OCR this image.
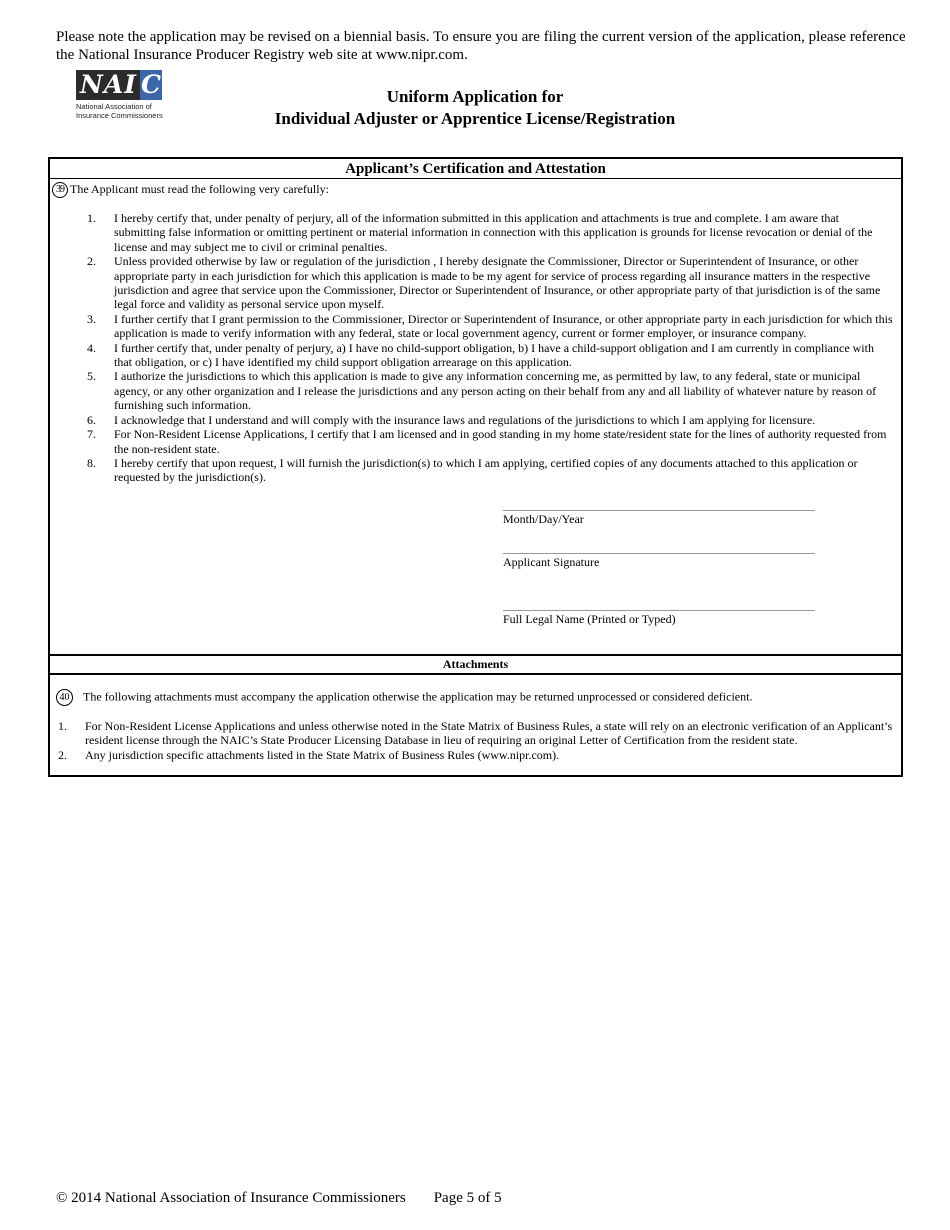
Please note the application may be revised on a biennial basis. To ensure you are filing the current version of the application, please reference the National Insurance Producer Registry web site at www.nipr.com.
NAI C
National Association of
Insurance Commissioners
Uniform Application for
Individual Adjuster or Apprentice License/Registration
Applicant’s Certification and Attestation
39 The Applicant must read the following very carefully:
1. I hereby certify that, under penalty of perjury, all of the information submitted in this application and attachments is true and complete. I am aware that submitting false information or omitting pertinent or material information in connection with this application is grounds for license revocation or denial of the license and may subject me to civil or criminal penalties.
2. Unless provided otherwise by law or regulation of the jurisdiction , I hereby designate the Commissioner, Director or Superintendent of Insurance, or other appropriate party in each jurisdiction for which this application is made to be my agent for service of process regarding all insurance matters in the respective jurisdiction and agree that service upon the Commissioner, Director or Superintendent of Insurance, or other appropriate party of that jurisdiction is of the same legal force and validity as personal service upon myself.
3. I further certify that I grant permission to the Commissioner, Director or Superintendent of Insurance, or other appropriate party in each jurisdiction for which this application is made to verify information with any federal, state or local government agency, current or former employer, or insurance company.
4. I further certify that, under penalty of perjury, a) I have no child-support obligation, b) I have a child-support obligation and I am currently in compliance with that obligation, or c) I have identified my child support obligation arrearage on this application.
5. I authorize the jurisdictions to which this application is made to give any information concerning me, as permitted by law, to any federal, state or municipal agency, or any other organization and I release the jurisdictions and any person acting on their behalf from any and all liability of whatever nature by reason of furnishing such information.
6. I acknowledge that I understand and will comply with the insurance laws and regulations of the jurisdictions to which I am applying for licensure.
7. For Non-Resident License Applications, I certify that I am licensed and in good standing in my home state/resident state for the lines of authority requested from the non-resident state.
8. I hereby certify that upon request, I will furnish the jurisdiction(s) to which I am applying, certified copies of any documents attached to this application or requested by the jurisdiction(s).
Month/Day/Year
Applicant Signature
Full Legal Name (Printed or Typed)
Attachments
40 The following attachments must accompany the application otherwise the application may be returned unprocessed or considered deficient.
1. For Non-Resident License Applications and unless otherwise noted in the State Matrix of Business Rules, a state will rely on an electronic verification of an Applicant’s resident license through the NAIC’s State Producer Licensing Database in lieu of requiring an original Letter of Certification from the resident state.
2. Any jurisdiction specific attachments listed in the State Matrix of Business Rules (www.nipr.com).
© 2014 National Association of Insurance Commissioners Page 5 of 5
